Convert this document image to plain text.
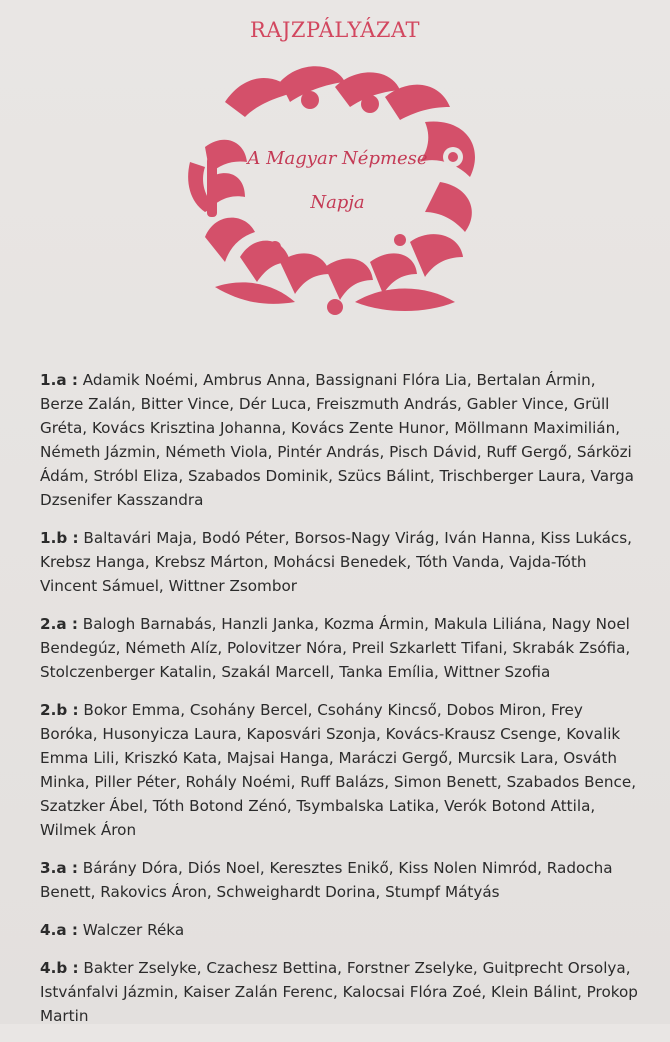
RAJZPÁLYÁZAT
A Magyar Népmese
Napja
1.a : Adamik Noémi, Ambrus Anna, Bassignani Flóra Lia, Bertalan Ármin, Berze Zalán, Bitter Vince, Dér Luca, Freiszmuth András, Gabler Vince, Grüll Gréta, Kovács Krisztina Johanna, Kovács Zente Hunor, Möllmann Maximilián, Németh Jázmin, Németh Viola, Pintér András, Pisch Dávid, Ruff Gergő, Sárközi Ádám, Stróbl Eliza, Szabados Dominik, Szücs Bálint, Trischberger Laura, Varga Dzsenifer Kasszandra
1.b : Baltavári Maja, Bodó Péter, Borsos-Nagy Virág, Iván Hanna, Kiss Lukács, Krebsz Hanga, Krebsz Márton, Mohácsi Benedek, Tóth Vanda, Vajda-Tóth Vincent Sámuel, Wittner Zsombor
2.a : Balogh Barnabás, Hanzli Janka, Kozma Ármin, Makula Liliána, Nagy Noel Bendegúz, Németh Alíz, Polovitzer Nóra, Preil Szkarlett Tifani, Skrabák Zsófia, Stolczenberger Katalin, Szakál Marcell, Tanka Emília, Wittner Szofia
2.b : Bokor Emma, Csohány Bercel, Csohány Kincső, Dobos Miron, Frey Boróka, Husonyicza Laura, Kaposvári Szonja, Kovács-Krausz Csenge, Kovalik Emma Lili, Kriszkó Kata, Majsai Hanga, Maráczi Gergő, Murcsik Lara, Osváth Minka, Piller Péter, Rohály Noémi, Ruff Balázs, Simon Benett, Szabados Bence, Szatzker Ábel, Tóth Botond Zénó, Tsymbalska Latika, Verók Botond Attila, Wilmek Áron
3.a : Bárány Dóra, Diós Noel, Keresztes Enikő, Kiss Nolen Nimród, Radocha Benett, Rakovics Áron, Schweighardt Dorina, Stumpf Mátyás
4.a : Walczer Réka
4.b : Bakter Zselyke, Czachesz Bettina, Forstner Zselyke, Guitprecht Orsolya, Istvánfalvi Jázmin, Kaiser Zalán Ferenc, Kalocsai Flóra Zoé, Klein Bálint, Prokop Martin
